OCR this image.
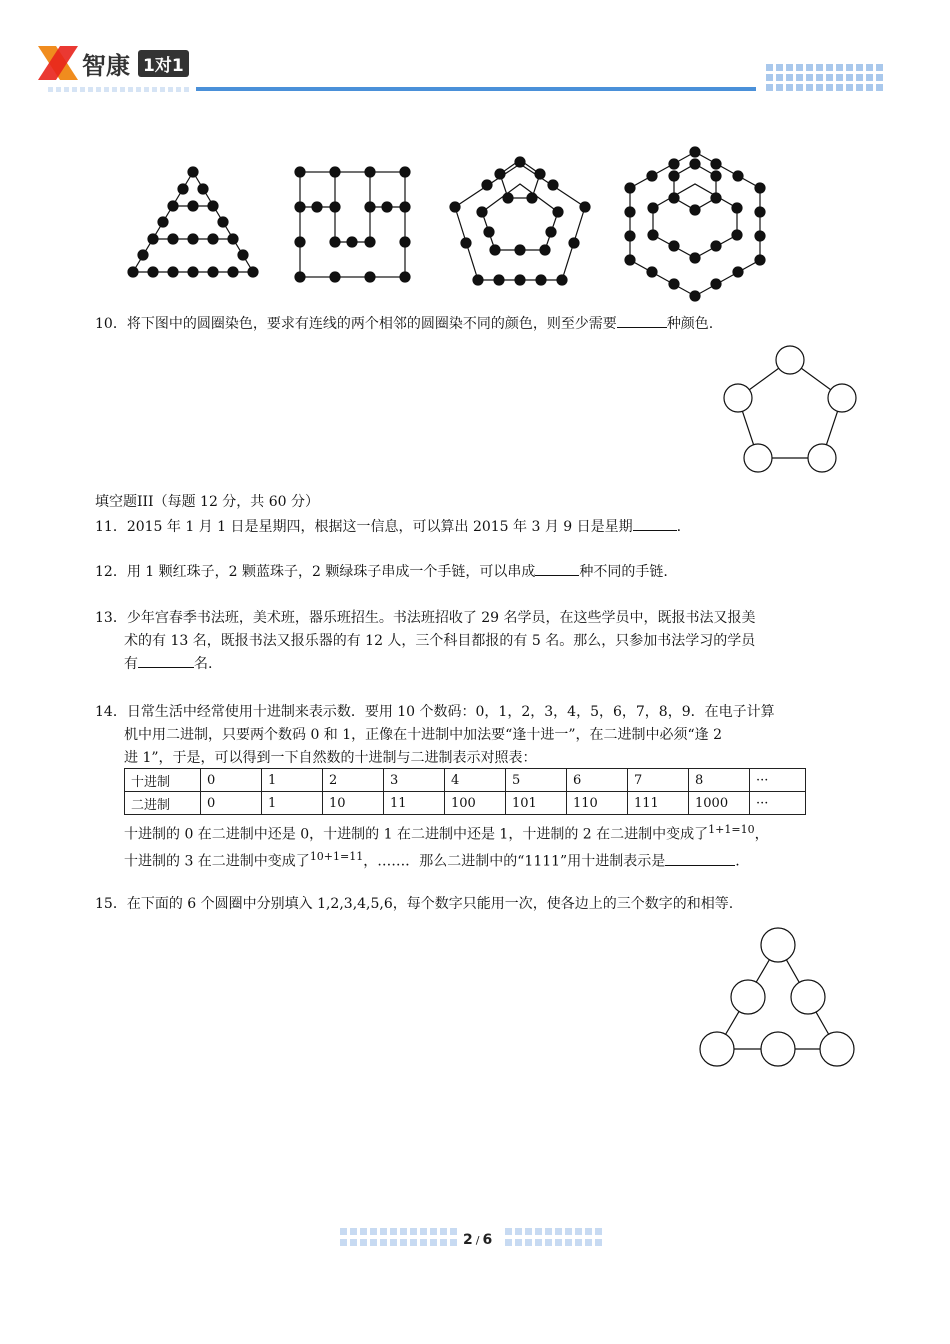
智康 1对1
10．将下图中的圆圈染色，要求有连线的两个相邻的圆圈染不同的颜色，则至少需要	种颜色.
填空题III（每题 12 分，共 60 分）
11．2015 年 1 月 1 日是星期四，根据这一信息，可以算出 2015 年 3 月 9 日是星期	.
12．用 1 颗红珠子，2 颗蓝珠子，2 颗绿珠子串成一个手链，可以串成	种不同的手链.
13．少年宫春季书法班，美术班，器乐班招生。书法班招收了 29 名学员，在这些学员中，既报书法又报美
术的有 13 名，既报书法又报乐器的有 12 人，三个科目都报的有 5 名。那么，只参加书法学习的学员
有	名.
14．日常生活中经常使用十进制来表示数．要用 10 个数码：0，1，2，3，4，5，6，7，8，9．在电子计算
机中用二进制，只要两个数码 0 和 1，正像在十进制中加法要“逢十进一”，在二进制中必须“逢 2
进 1”，于是，可以得到一下自然数的十进制与二进制表示对照表：
十进制	0	1	2	3	4	5	6	7	8	···
二进制	0	1	10	11	100	101	110	111	1000	···
十进制的 0 在二进制中还是 0，十进制的 1 在二进制中还是 1，十进制的 2 在二进制中变成了$^{1+1=10}$，
十进制的 3 在二进制中变成了$^{10+1=11}$，……．那么二进制中的“1111”用十进制表示是	.
15．在下面的 6 个圆圈中分别填入 1,2,3,4,5,6，每个数字只能用一次，使各边上的三个数字的和相等.
2 / 6
